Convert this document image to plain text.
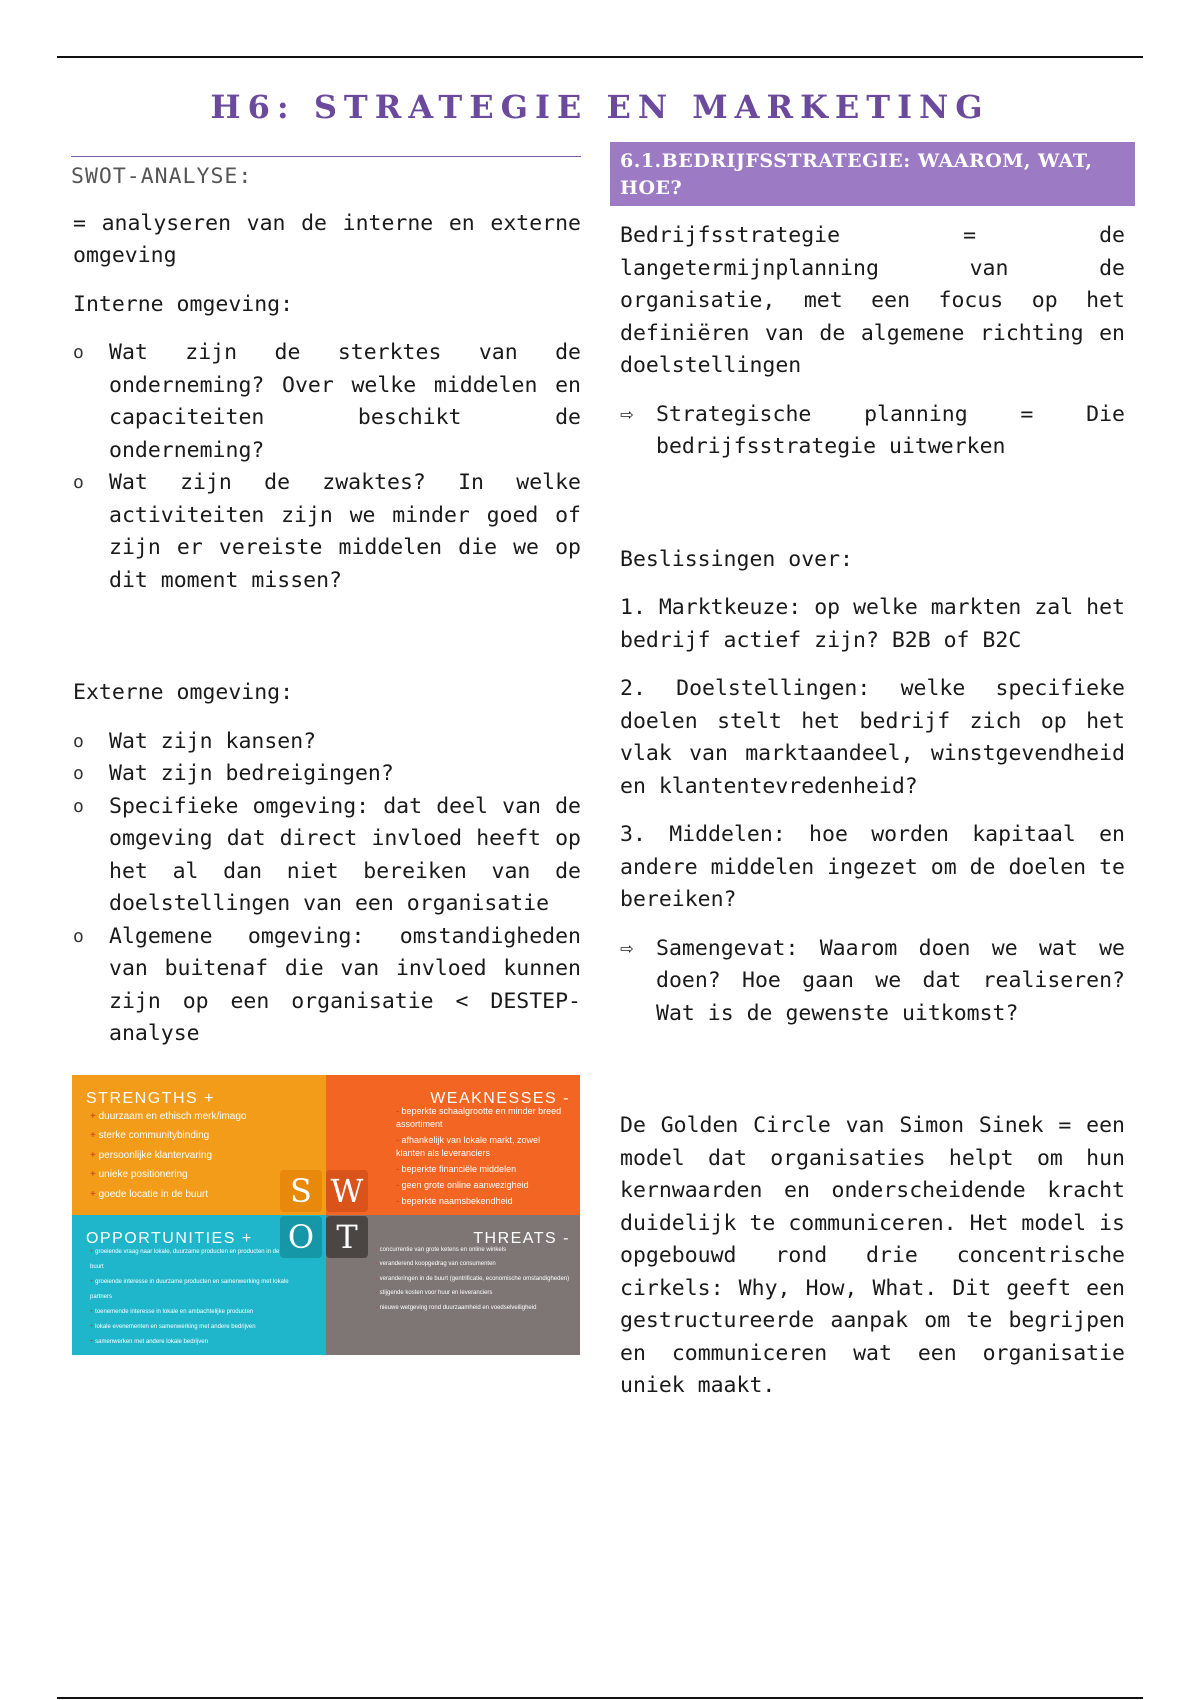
H6: STRATEGIE EN MARKETING
SWOT-ANALYSE:

= analyseren van de interne en externe omgeving

Interne omgeving:

o Wat zijn de sterktes van de onderneming? Over welke middelen en capaciteiten beschikt de onderneming?
o Wat zijn de zwaktes? In welke activiteiten zijn we minder goed of zijn er vereiste middelen die we op dit moment missen?

Externe omgeving:

o Wat zijn kansen?
o Wat zijn bedreigingen?
o Specifieke omgeving: dat deel van de omgeving dat direct invloed heeft op het al dan niet bereiken van de doelstellingen van een organisatie
o Algemene omgeving: omstandigheden van buitenaf die van invloed kunnen zijn op een organisatie < DESTEP-analyse
STRENGTHS +
+ duurzaam en ethisch merk/imago
+ sterke communitybinding
+ persoonlijke klantervaring
+ unieke positionering
+ goede locatie in de buurt
WEAKNESSES -
- beperkte schaalgrootte en minder breed assortiment
- afhankelijk van lokale markt, zowel klanten als leveranciers
- beperkte financiële middelen
- geen grote online aanwezigheid
- beperkte naamsbekendheid
OPPORTUNITIES +
+ groeiende vraag naar lokale, duurzame producten en producten in de buurt
+ groeiende interesse in duurzame producten en samenwerking met lokale partners
+ toenemende interesse in lokale en ambachtelijke producten
+ lokale evenementen en samenwerking met andere bedrijven
+ samenwerken met andere lokale bedrijven
THREATS -
- concurrentie van grote ketens en online winkels
- veranderend koopgedrag van consumenten
- veranderingen in de buurt (gentrificatie, economische omstandigheden)
- stijgende kosten voor huur en leveranciers
- nieuwe wetgeving rond duurzaamheid en voedselveiligheid
S W
O T
6.1.BEDRIJFSSTRATEGIE: WAAROM, WAT, HOE?

Bedrijfsstrategie = de langetermijnplanning van de organisatie, met een focus op het definiëren van de algemene richting en doelstellingen

⇨ Strategische planning = Die bedrijfsstrategie uitwerken

Beslissingen over:

1. Marktkeuze: op welke markten zal het bedrijf actief zijn? B2B of B2C

2. Doelstellingen: welke specifieke doelen stelt het bedrijf zich op het vlak van marktaandeel, winstgevendheid en klantentevredenheid?

3. Middelen: hoe worden kapitaal en andere middelen ingezet om de doelen te bereiken?

⇨ Samengevat: Waarom doen we wat we doen? Hoe gaan we dat realiseren? Wat is de gewenste uitkomst?

De Golden Circle van Simon Sinek = een model dat organisaties helpt om hun kernwaarden en onderscheidende kracht duidelijk te communiceren. Het model is opgebouwd rond drie concentrische cirkels: Why, How, What. Dit geeft een gestructureerde aanpak om te begrijpen en communiceren wat een organisatie uniek maakt.
